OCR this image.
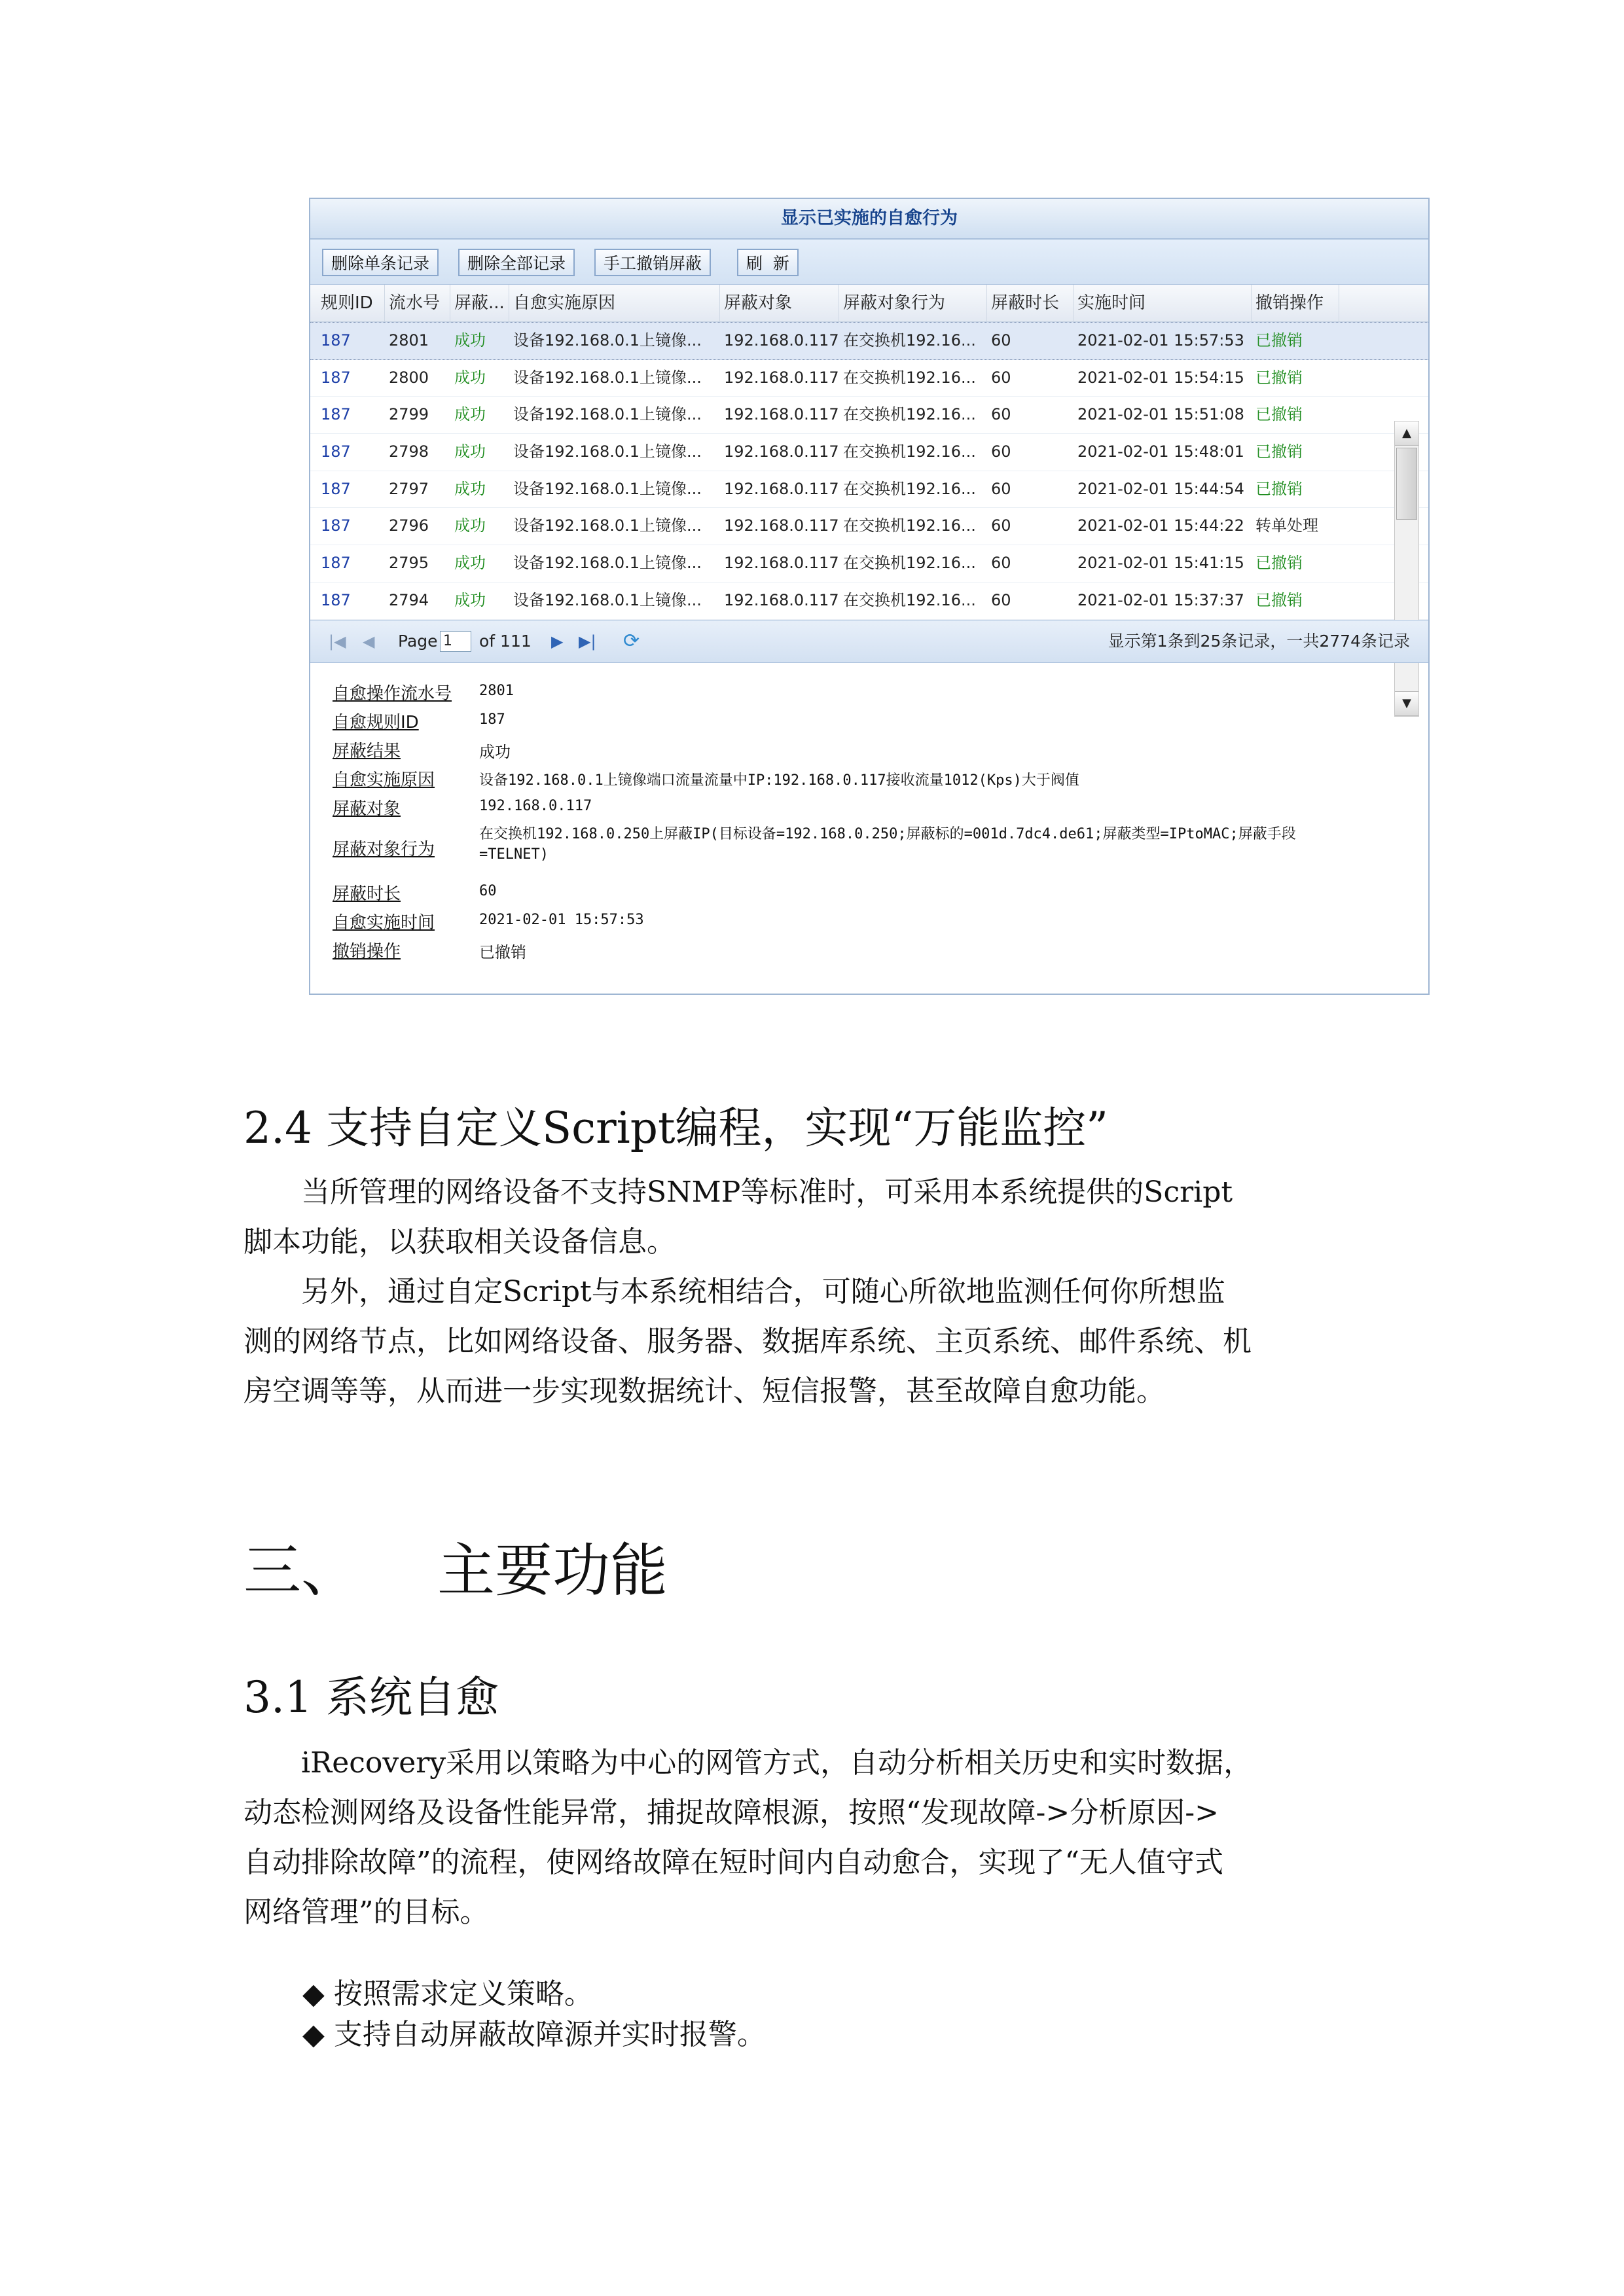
显示已实施的自愈行为
删除单条记录	删除全部记录	手工撤销屏蔽	刷  新
规则ID 流水号 屏蔽... 自愈实施原因	屏蔽对象	屏蔽对象行为	屏蔽时长	实施时间	撤销操作
187 2801 成功 设备192.168.0.1上镜像... 192.168.0.117 在交换机192.16... 60	2021-02-01 15:57:53 已撤销
187 2800 成功 设备192.168.0.1上镜像... 192.168.0.117 在交换机192.16... 60	2021-02-01 15:54:15 已撤销
187 2799 成功 设备192.168.0.1上镜像... 192.168.0.117 在交换机192.16... 60	2021-02-01 15:51:08 已撤销
187 2798 成功 设备192.168.0.1上镜像... 192.168.0.117 在交换机192.16... 60	2021-02-01 15:48:01 已撤销
187 2797 成功 设备192.168.0.1上镜像... 192.168.0.117 在交换机192.16... 60	2021-02-01 15:44:54 已撤销
187 2796 成功 设备192.168.0.1上镜像... 192.168.0.117 在交换机192.16... 60	2021-02-01 15:44:22 转单处理
187 2795 成功 设备192.168.0.1上镜像... 192.168.0.117 在交换机192.16... 60	2021-02-01 15:41:15 已撤销
187 2794 成功 设备192.168.0.1上镜像... 192.168.0.117 在交换机192.16... 60	2021-02-01 15:37:37 已撤销
▲
▼
|◀ ◀ Page 1	of 111 ▶ ▶| ⟳	显示第1条到25条记录，一共2774条记录
自愈操作流水号 2801
自愈规则ID	187
屏蔽结果	成功
自愈实施原因	设备192.168.0.1上镜像端口流量流量中IP:192.168.0.117接收流量1012(Kps)大于阀值
屏蔽对象	192.168.0.117
屏蔽对象行为
在交换机192.168.0.250上屏蔽IP(目标设备=192.168.0.250;屏蔽标的=001d.7dc4.de61;屏蔽类型=IPtoMAC;屏蔽手段
=TELNET)
屏蔽时长	60
自愈实施时间	2021-02-01 15:57:53
撤销操作	已撤销
2.4 支持自定义Script编程，实现“万能监控”
当所管理的网络设备不支持SNMP等标准时，可采用本系统提供的Script
脚本功能，以获取相关设备信息。
另外，通过自定Script与本系统相结合，可随心所欲地监测任何你所想监
测的网络节点，比如网络设备、服务器、数据库系统、主页系统、邮件系统、机
房空调等等，从而进一步实现数据统计、短信报警，甚至故障自愈功能。
三、 主要功能
3.1 系统自愈
iRecovery采用以策略为中心的网管方式，自动分析相关历史和实时数据，
动态检测网络及设备性能异常，捕捉故障根源，按照“发现故障->分析原因->
自动排除故障”的流程，使网络故障在短时间内自动愈合，实现了“无人值守式
网络管理”的目标。
◆ 按照需求定义策略。
◆ 支持自动屏蔽故障源并实时报警。
